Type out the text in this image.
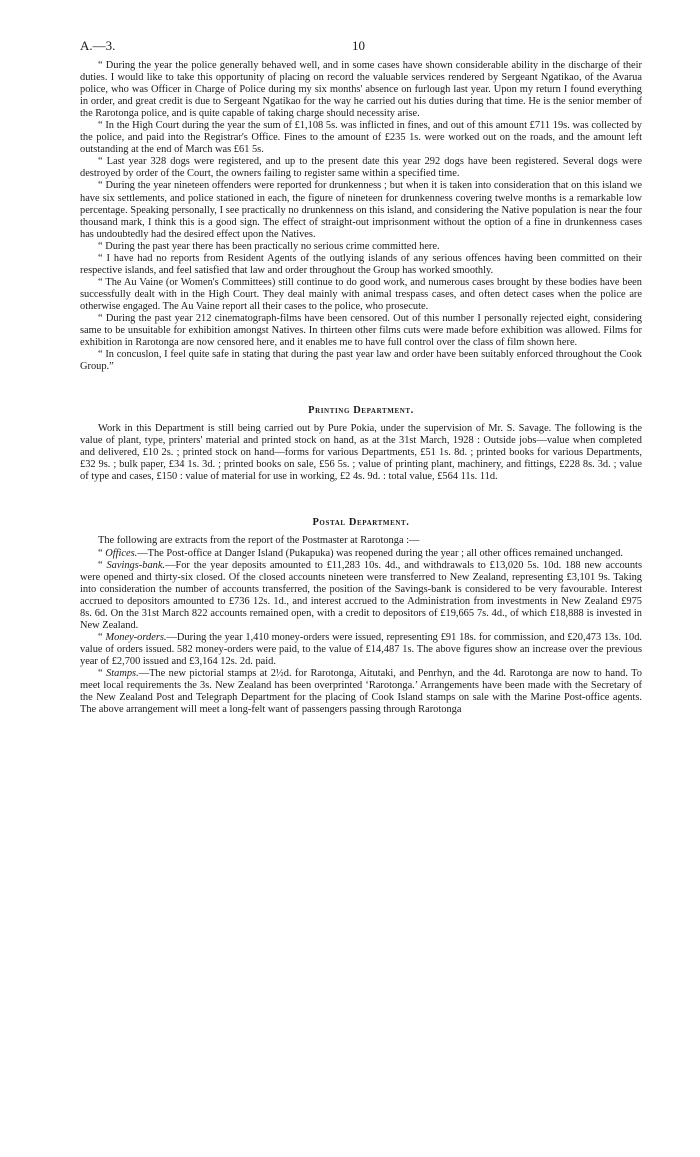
A.—3.	10

“ During the year the police generally behaved well, and in some cases have shown considerable ability in the discharge of their duties. I would like to take this opportunity of placing on record the valuable services rendered by Sergeant Ngatikao, of the Avarua police, who was Officer in Charge of Police during my six months' absence on furlough last year. Upon my return I found everything in order, and great credit is due to Sergeant Ngatikao for the way he carried out his duties during that time. He is the senior member of the Rarotonga police, and is quite capable of taking charge should necessity arise.

“ In the High Court during the year the sum of £1,108 5s. was inflicted in fines, and out of this amount £711 19s. was collected by the police, and paid into the Registrar's Office. Fines to the amount of £235 1s. were worked out on the roads, and the amount left outstanding at the end of March was £61 5s.

“ Last year 328 dogs were registered, and up to the present date this year 292 dogs have been registered. Several dogs were destroyed by order of the Court, the owners failing to register same within a specified time.

“ During the year nineteen offenders were reported for drunkenness ; but when it is taken into consideration that on this island we have six settlements, and police stationed in each, the figure of nineteen for drunkenness covering twelve months is a remarkable low percentage. Speaking personally, I see practically no drunkenness on this island, and considering the Native population is near the four thousand mark, I think this is a good sign. The effect of straight-out imprisonment without the option of a fine in drunkenness cases has undoubtedly had the desired effect upon the Natives.

“ During the past year there has been practically no serious crime committed here.

“ I have had no reports from Resident Agents of the outlying islands of any serious offences having been committed on their respective islands, and feel satisfied that law and order throughout the Group has worked smoothly.

“ The Au Vaine (or Women's Committees) still continue to do good work, and numerous cases brought by these bodies have been successfully dealt with in the High Court. They deal mainly with animal trespass cases, and often detect cases when the police are otherwise engaged. The Au Vaine report all their cases to the police, who prosecute.

“ During the past year 212 cinematograph-films have been censored. Out of this number I personally rejected eight, considering same to be unsuitable for exhibition amongst Natives. In thirteen other films cuts were made before exhibition was allowed. Films for exhibition in Rarotonga are now censored here, and it enables me to have full control over the class of film shown here.

“ In concuslon, I feel quite safe in stating that during the past year law and order have been suitably enforced throughout the Cook Group.”

Printing Department.

Work in this Department is still being carried out by Pure Pokia, under the supervision of Mr. S. Savage. The following is the value of plant, type, printers' material and printed stock on hand, as at the 31st March, 1928 : Outside jobs—value when completed and delivered, £10 2s. ; printed stock on hand—forms for various Departments, £51 1s. 8d. ; printed books for various Departments, £32 9s. ; bulk paper, £34 1s. 3d. ; printed books on sale, £56 5s. ; value of printing plant, machinery, and fittings, £228 8s. 3d. ; value of type and cases, £150 : value of material for use in working, £2 4s. 9d. : total value, £564 11s. 11d.

Postal Department.

The following are extracts from the report of the Postmaster at Rarotonga :—

“ Offices.—The Post-office at Danger Island (Pukapuka) was reopened during the year ; all other offices remained unchanged.

“ Savings-bank.—For the year deposits amounted to £11,283 10s. 4d., and withdrawals to £13,020 5s. 10d. 188 new accounts were opened and thirty-six closed. Of the closed accounts nineteen were transferred to New Zealand, representing £3,101 9s. Taking into consideration the number of accounts transferred, the position of the Savings-bank is considered to be very favourable. Interest accrued to depositors amounted to £736 12s. 1d., and interest accrued to the Administration from investments in New Zealand £975 8s. 6d. On the 31st March 822 accounts remained open, with a credit to depositors of £19,665 7s. 4d., of which £18,888 is invested in New Zealand.

“ Money-orders.—During the year 1,410 money-orders were issued, representing £91 18s. for commission, and £20,473 13s. 10d. value of orders issued. 582 money-orders were paid, to the value of £14,487 1s. The above figures show an increase over the previous year of £2,700 issued and £3,164 12s. 2d. paid.

“ Stamps.—The new pictorial stamps at 2½d. for Rarotonga, Aitutaki, and Penrhyn, and the 4d. Rarotonga are now to hand. To meet local requirements the 3s. New Zealand has been overprinted ‘Rarotonga.’ Arrangements have been made with the Secretary of the New Zealand Post and Telegraph Department for the placing of Cook Island stamps on sale with the Marine Post-office agents. The above arrangement will meet a long-felt want of passengers passing through Rarotonga
